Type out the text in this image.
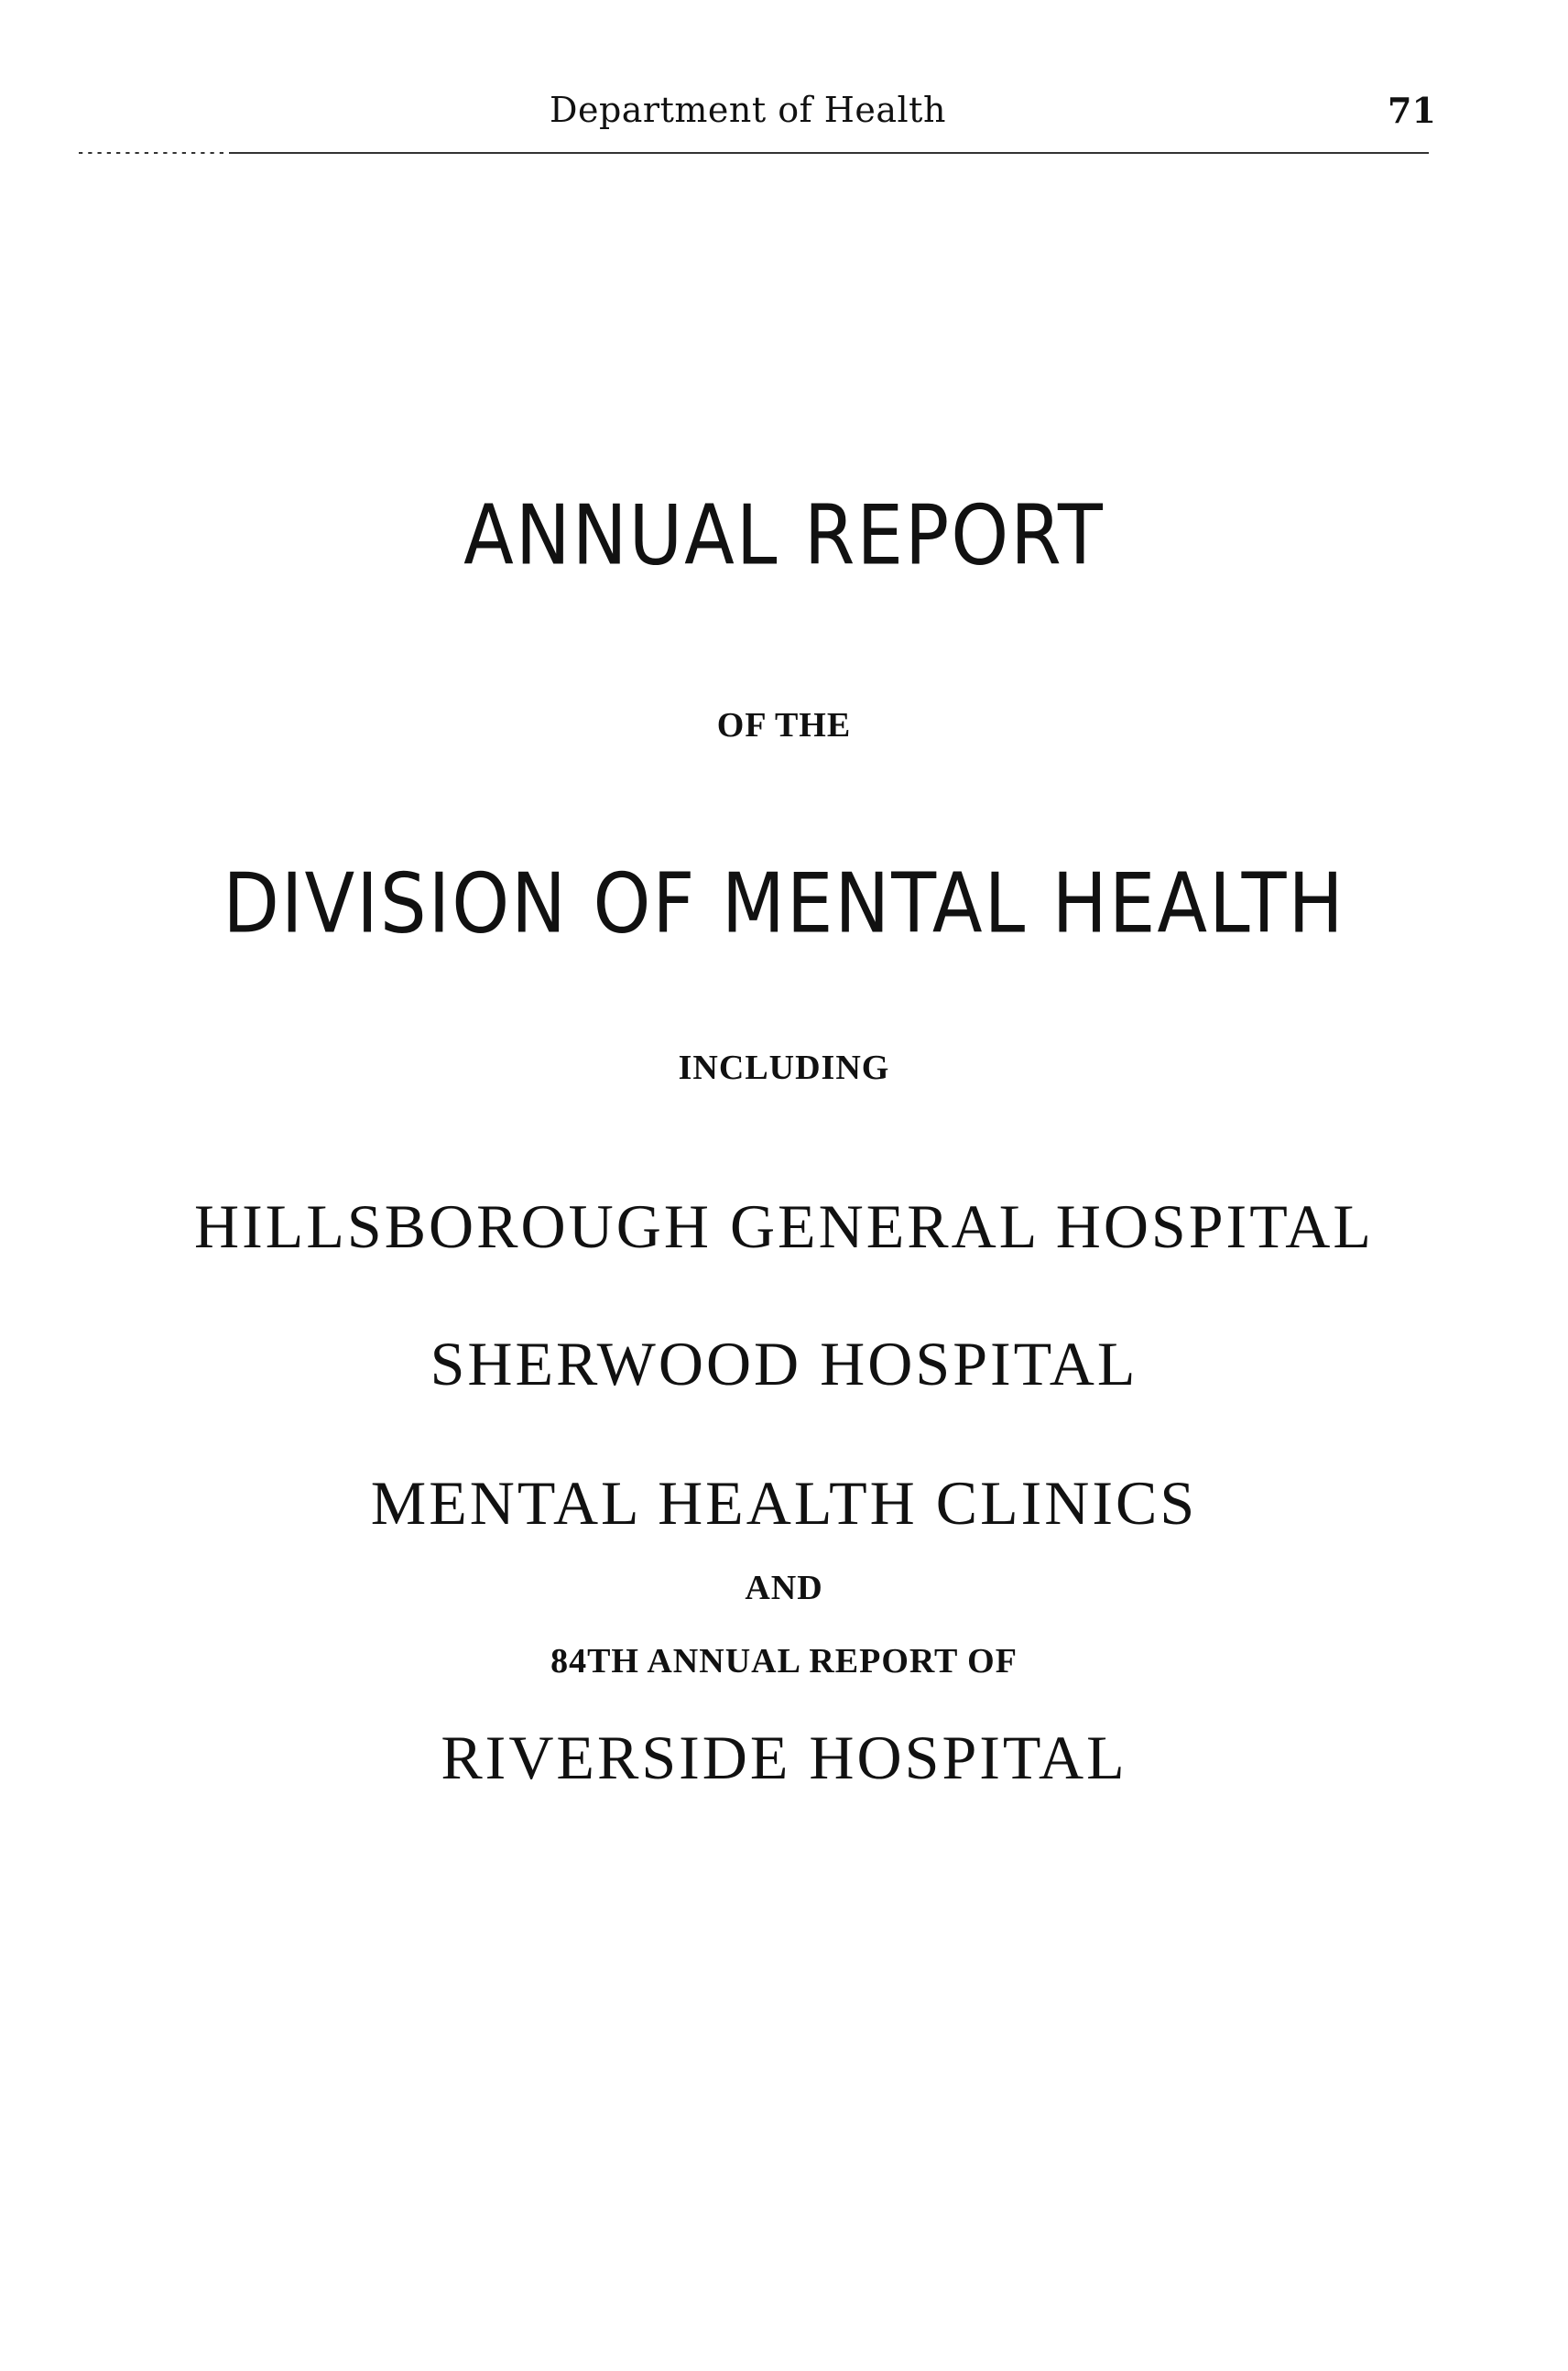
Department of Health	71
ANNUAL REPORT
OF THE
DIVISION OF MENTAL HEALTH
INCLUDING
HILLSBOROUGH GENERAL HOSPITAL
SHERWOOD HOSPITAL
MENTAL HEALTH CLINICS
AND
84TH ANNUAL REPORT OF
RIVERSIDE HOSPITAL
